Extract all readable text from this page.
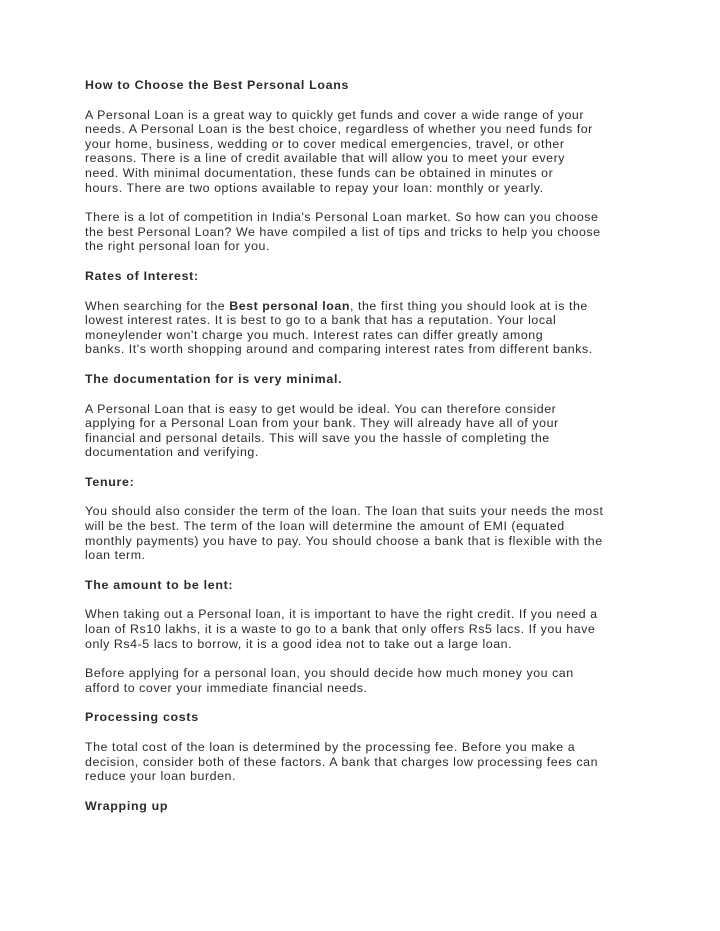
How to Choose the Best Personal Loans
A Personal Loan is a great way to quickly get funds and cover a wide range of your
needs. A Personal Loan is the best choice, regardless of whether you need funds for
your home, business, wedding or to cover medical emergencies, travel, or other
reasons. There is a line of credit available that will allow you to meet your every
need. With minimal documentation, these funds can be obtained in minutes or
hours. There are two options available to repay your loan: monthly or yearly.
There is a lot of competition in India's Personal Loan market. So how can you choose
the best Personal Loan? We have compiled a list of tips and tricks to help you choose
the right personal loan for you.
Rates of Interest:
When searching for the Best personal loan, the first thing you should look at is the
lowest interest rates. It is best to go to a bank that has a reputation. Your local
moneylender won't charge you much. Interest rates can differ greatly among
banks. It's worth shopping around and comparing interest rates from different banks.
The documentation for is very minimal.
A Personal Loan that is easy to get would be ideal. You can therefore consider
applying for a Personal Loan from your bank. They will already have all of your
financial and personal details. This will save you the hassle of completing the
documentation and verifying.
Tenure:
You should also consider the term of the loan. The loan that suits your needs the most
will be the best. The term of the loan will determine the amount of EMI (equated
monthly payments) you have to pay. You should choose a bank that is flexible with the
loan term.
The amount to be lent:
When taking out a Personal loan, it is important to have the right credit. If you need a
loan of Rs10 lakhs, it is a waste to go to a bank that only offers Rs5 lacs. If you have
only Rs4-5 lacs to borrow, it is a good idea not to take out a large loan.
Before applying for a personal loan, you should decide how much money you can
afford to cover your immediate financial needs.
Processing costs
The total cost of the loan is determined by the processing fee. Before you make a
decision, consider both of these factors. A bank that charges low processing fees can
reduce your loan burden.
Wrapping up
